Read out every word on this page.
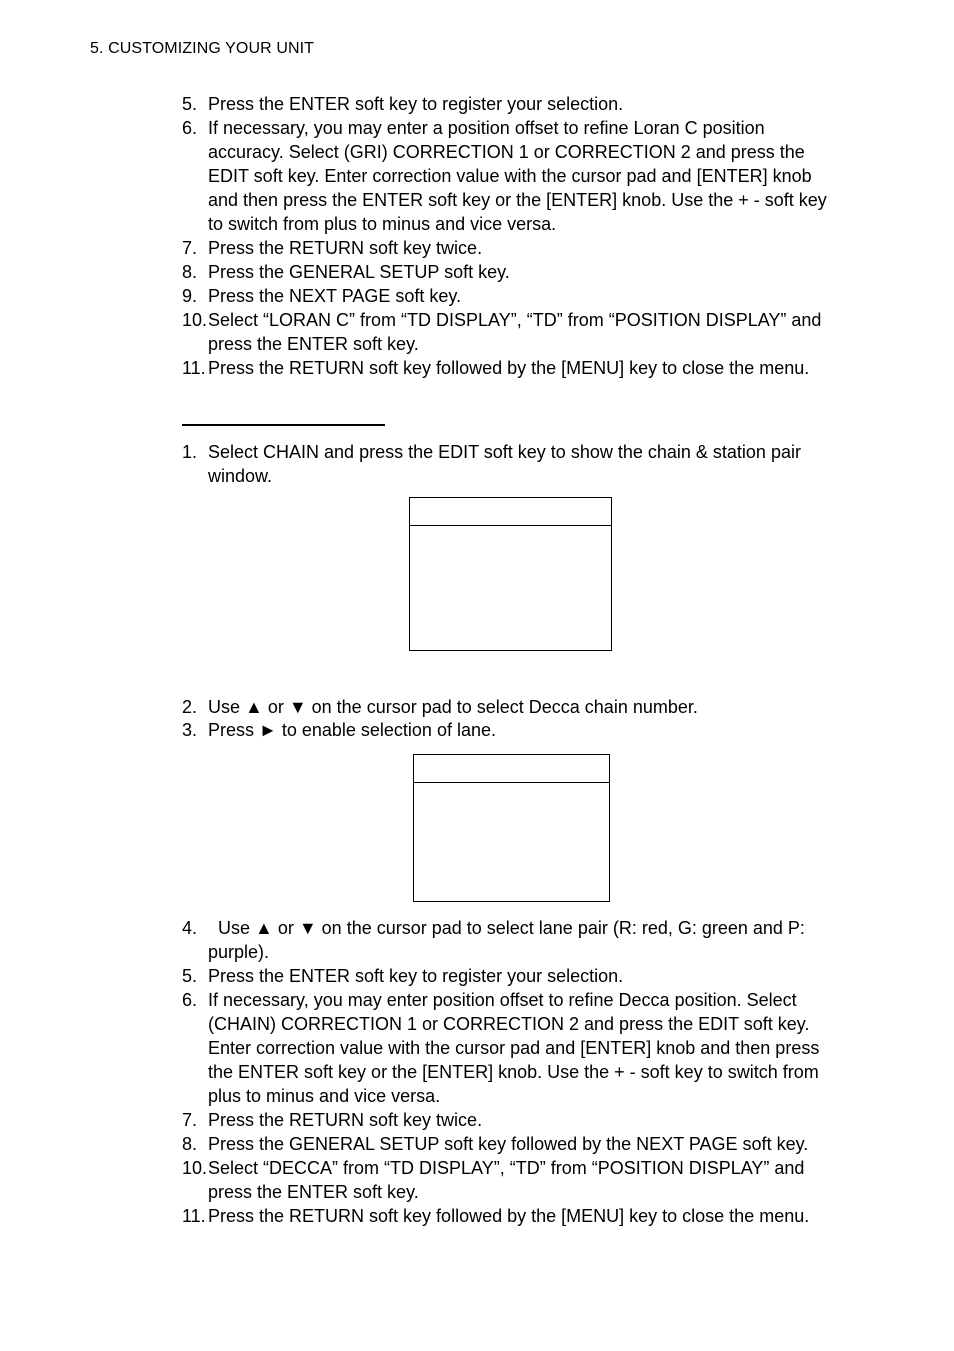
5. CUSTOMIZING YOUR UNIT
5. Press the ENTER soft key to register your selection.
6. If necessary, you may enter a position offset to refine Loran C position accuracy. Select (GRI) CORRECTION 1 or CORRECTION 2 and press the EDIT soft key. Enter correction value with the cursor pad and [ENTER] knob and then press the ENTER soft key or the [ENTER] knob. Use the + - soft key to switch from plus to minus and vice versa.
7. Press the RETURN soft key twice.
8. Press the GENERAL SETUP soft key.
9. Press the NEXT PAGE soft key.
10. Select “LORAN C” from “TD DISPLAY”, “TD” from “POSITION DISPLAY” and press the ENTER soft key.
11. Press the RETURN soft key followed by the [MENU] key to close the menu.
1. Select CHAIN and press the EDIT soft key to show the chain & station pair window.
2. Use ▲ or ▼ on the cursor pad to select Decca chain number.
3. Press ► to enable selection of lane.
4. Use ▲ or ▼ on the cursor pad to select lane pair (R: red, G: green and P: purple).
5. Press the ENTER soft key to register your selection.
6. If necessary, you may enter position offset to refine Decca position. Select (CHAIN) CORRECTION 1 or CORRECTION 2 and press the EDIT soft key. Enter correction value with the cursor pad and [ENTER] knob and then press the ENTER soft key or the [ENTER] knob. Use the + - soft key to switch from plus to minus and vice versa.
7. Press the RETURN soft key twice.
8. Press the GENERAL SETUP soft key followed by the NEXT PAGE soft key.
10. Select “DECCA” from “TD DISPLAY”, “TD” from “POSITION DISPLAY” and press the ENTER soft key.
11. Press the RETURN soft key followed by the [MENU] key to close the menu.
